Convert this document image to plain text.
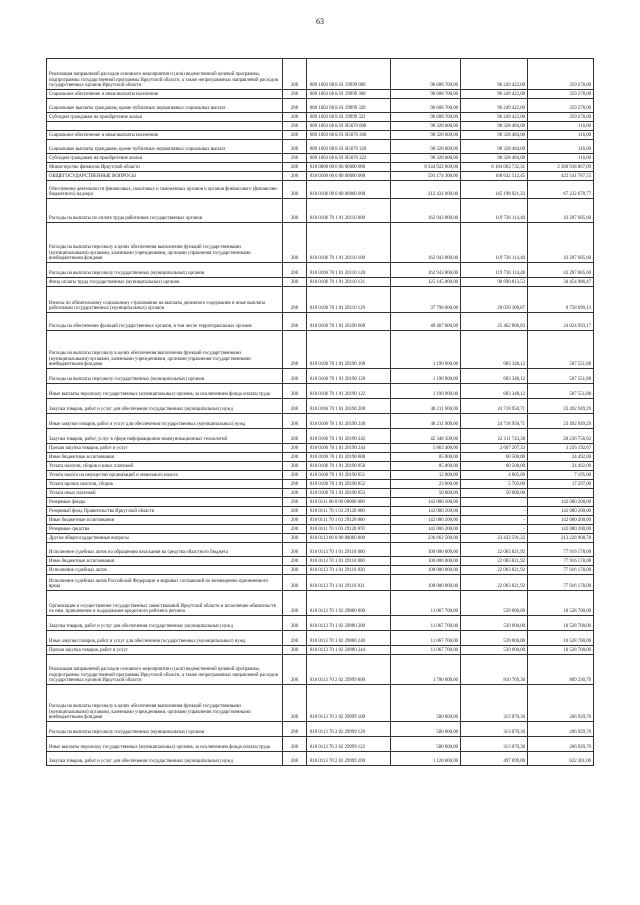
63
Реализация направлений расходов основного мероприятия и (или) ведомственной целевой программы, подпрограммы государственной программы Иркутской области, а также непрограммных направлений расходов государственных органов Иркутской области	200	809 1003 68 Б 01 29999 000	96 608 700,00	96 249 422,00	359 278,00
Социальное обеспечение и иные выплаты населению	200	809 1003 68 Б 01 29999 300	96 608 700,00	96 249 422,00	359 278,00
Социальные выплаты гражданам, кроме публичных нормативных социальных выплат	200	809 1003 68 Б 01 29999 320	96 608 700,00	96 249 422,00	359 278,00
Субсидии гражданам на приобретение жилья	200	809 1003 68 Б 01 29999 322	96 608 700,00	96 249 422,00	359 278,00
	200	809 1003 68 Б 01 R5670 000	98 328 600,00	98 328 484,00	116,00
Социальное обеспечение и иные выплаты населению	200	809 1003 68 Б 01 R5670 300	98 328 600,00	98 328 484,00	116,00
Социальные выплаты гражданам, кроме публичных нормативных социальных выплат	200	809 1003 68 Б 01 R5670 320	98 328 600,00	98 328 484,00	116,00
Субсидии гражданам на приобретение жилья	200	809 1003 68 Б 01 R5670 322	98 328 600,00	98 328 484,00	116,00
Министерство финансов Иркутской области	200	810 0000 00 0 00 00000 000	8 544 922 600,00	6 184 003 732,31	2 360 918 867,69
ОБЩЕГОСУДАРСТВЕННЫЕ ВОПРОСЫ	200	810 0100 00 0 00 00000 000	591 174 300,00	168 632 512,45	422 541 787,55
Обеспечение деятельности финансовых, налоговых и таможенных органов и органов финансового (финансово-бюджетного) надзора	200	810 0106 00 0 00 00000 000	212 431 600,00	145 198 921,23	67 232 678,77
Расходы на выплаты по оплате труда работников государственных органов	200	810 0106 70 1 01 20110 000	162 943 800,00	119 736 114,40	43 207 685,60
Расходы на выплаты персоналу в целях обеспечения выполнения функций государственными (муниципальными) органами, казенными учреждениями, органами управления государственными внебюджетными фондами	200	810 0106 70 1 01 20110 100	162 943 800,00	119 736 114,40	43 207 685,60
Расходы на выплаты персоналу государственных (муниципальных) органов	200	810 0106 70 1 01 20110 120	162 943 800,00	119 736 114,40	43 207 685,60
Фонд оплаты труда государственных (муниципальных) органов	200	810 0106 70 1 01 20110 121	125 145 800,00	90 690 813,53	34 454 986,47
Взносы по обязательному социальному страхованию на выплаты денежного содержания и иные выплаты работникам государственных (муниципальных) органов	200	810 0106 70 1 01 20110 129	37 798 000,00	29 039 300,87	8 758 699,13
Расходы на обеспечение функций государственных органов, в том числе территориальных органов	200	810 0106 70 1 01 20190 000	49 487 800,00	25 462 806,83	24 024 993,17
Расходы на выплаты персоналу в целях обеспечения выполнения функций государственными (муниципальными) органами, казенными учреждениями, органами управления государственными внебюджетными фондами	200	810 0106 70 1 01 20190 100	1 190 900,00	683 348,12	507 551,88
Расходы на выплаты персоналу государственных (муниципальных) органов	200	810 0106 70 1 01 20190 120	1 190 900,00	683 348,12	507 551,88
Иные выплаты персоналу государственных (муниципальных) органов, за исключением фонда оплаты труда	200	810 0106 70 1 01 20190 122	1 190 900,00	683 348,12	507 551,88
Закупка товаров, работ и услуг для обеспечения государственных (муниципальных) нужд	200	810 0106 70 1 01 20190 200	48 211 900,00	24 718 950,71	23 492 949,29
Иные закупки товаров, работ и услуг для обеспечения государственных (муниципальных) нужд	200	810 0106 70 1 01 20190 240	48 211 900,00	24 718 950,71	23 492 949,29
Закупка товаров, работ, услуг в сфере информационно-коммуникационных технологий	200	810 0106 70 1 01 20190 242	42 348 500,00	22 111 743,38	20 236 756,62
Прочая закупка товаров, работ и услуг	200	810 0106 70 1 01 20190 244	5 863 400,00	2 607 207,33	3 256 192,67
Иные бюджетные ассигнования	200	810 0106 70 1 01 20190 800	85 000,00	60 508,00	24 492,00
Уплата налогов, сборов и иных платежей	200	810 0106 70 1 01 20190 850	85 000,00	60 508,00	24 492,00
Уплата налога на имущество организаций и земельного налога	200	810 0106 70 1 01 20190 851	12 000,00	4 805,00	7 195,00
Уплата прочих налогов, сборов	200	810 0106 70 1 01 20190 852	23 000,00	5 703,00	17 297,00
Уплата иных платежей	200	810 0106 70 1 01 20190 853	50 000,00	50 000,00	
Резервные фонды	200	810 0111 00 0 00 00000 000	142 080 200,00		142 080 200,00
Резервный фонд Правительства Иркутской области	200	810 0111 70 1 03 29120 000	142 080 200,00	-	142 080 200,00
Иные бюджетные ассигнования	200	810 0111 70 1 03 29120 800	142 080 200,00	-	142 080 200,00
Резервные средства	200	810 0111 70 1 03 29120 870	142 080 200,00	-	142 080 200,00
Другие общегосударственные вопросы	200	810 0113 00 0 00 00000 000	236 662 500,00	23 433 591,22	213 228 908,78
Исполнение судебных актов по обращению взыскания на средства областного бюджета	200	810 0113 70 1 01 29110 000	100 000 000,00	22 083 821,92	77 916 178,08
Иные бюджетные ассигнования	200	810 0113 70 1 01 29110 800	100 000 000,00	22 083 821,92	77 916 178,08
Исполнение судебных актов	200	810 0113 70 1 01 29110 830	100 000 000,00	22 083 821,92	77 916 178,08
Исполнение судебных актов Российской Федерации и мировых соглашений по возмещению причиненного вреда	200	810 0113 70 1 01 29110 831	100 000 000,00	22 083 821,92	77 916 178,08
Организация и осуществление государственных заимствований Иркутской области и исполнение обязательств по ним, привлечение и поддержание кредитного рейтинга региона	200	810 0113 70 1 02 29880 000	11 067 700,00	539 000,00	10 528 700,00
Закупка товаров, работ и услуг для обеспечения государственных (муниципальных) нужд	200	810 0113 70 1 02 29880 200	11 067 700,00	539 000,00	10 528 700,00
Иные закупки товаров, работ и услуг для обеспечения государственных (муниципальных) нужд	200	810 0113 70 1 02 29880 240	11 067 700,00	539 000,00	10 528 700,00
Прочая закупка товаров, работ и услуг	200	810 0113 70 1 02 29880 244	11 067 700,00	539 000,00	10 528 700,00
Реализация направлений расходов основного мероприятия и (или) ведомственной целевой программы, подпрограммы государственной программы Иркутской области, а также непрограммных направлений расходов государственных органов Иркутской области	200	810 0113 70 2 02 29999 000	1 700 000,00	810 769,30	889 230,70
Расходы на выплаты персоналу в целях обеспечения выполнения функций государственными (муниципальными) органами, казенными учреждениями, органами управления государственными внебюджетными фондами	200	810 0113 70 2 02 29999 100	580 000,00	313 070,30	266 929,70
Расходы на выплаты персоналу государственных (муниципальных) органов	200	810 0113 70 2 02 29999 120	580 000,00	313 070,30	266 929,70
Иные выплаты персоналу государственных (муниципальных) органов, за исключением фонда оплаты труда	200	810 0113 70 2 02 29999 122	580 000,00	313 070,30	266 929,70
Закупка товаров, работ и услуг для обеспечения государственных (муниципальных) нужд	200	810 0113 70 2 02 29999 200	1 120 000,00	497 699,00	622 301,00
